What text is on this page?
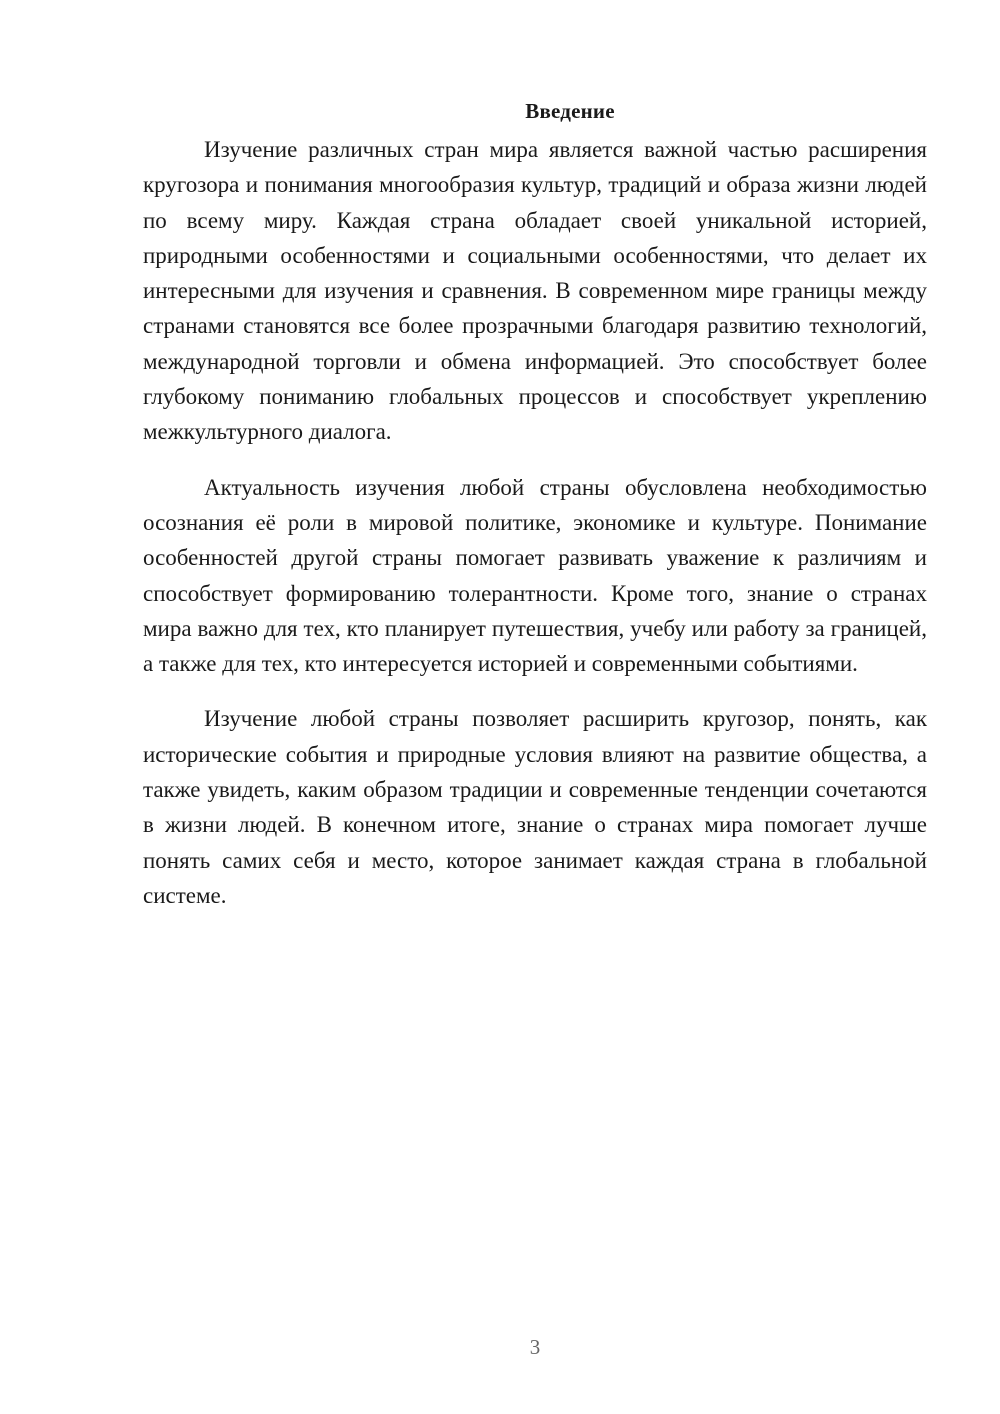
Введение

Изучение различных стран мира является важной частью расширения кругозора и понимания многообразия культур, традиций и образа жизни людей по всему миру. Каждая страна обладает своей уникальной историей, природными особенностями и социальными особенностями, что делает их интересными для изучения и сравнения. В современном мире границы между странами становятся все более прозрачными благодаря развитию технологий, международной торговли и обмена информацией. Это способствует более глубокому пониманию глобальных процессов и способствует укреплению межкультурного диалога.

Актуальность изучения любой страны обусловлена необходимостью осознания её роли в мировой политике, экономике и культуре. Понимание особенностей другой страны помогает развивать уважение к различиям и способствует формированию толерантности. Кроме того, знание о странах мира важно для тех, кто планирует путешествия, учебу или работу за границей, а также для тех, кто интересуется историей и современными событиями.

Изучение любой страны позволяет расширить кругозор, понять, как исторические события и природные условия влияют на развитие общества, а также увидеть, каким образом традиции и современные тенденции сочетаются в жизни людей. В конечном итоге, знание о странах мира помогает лучше понять самих себя и место, которое занимает каждая страна в глобальной системе.

3
